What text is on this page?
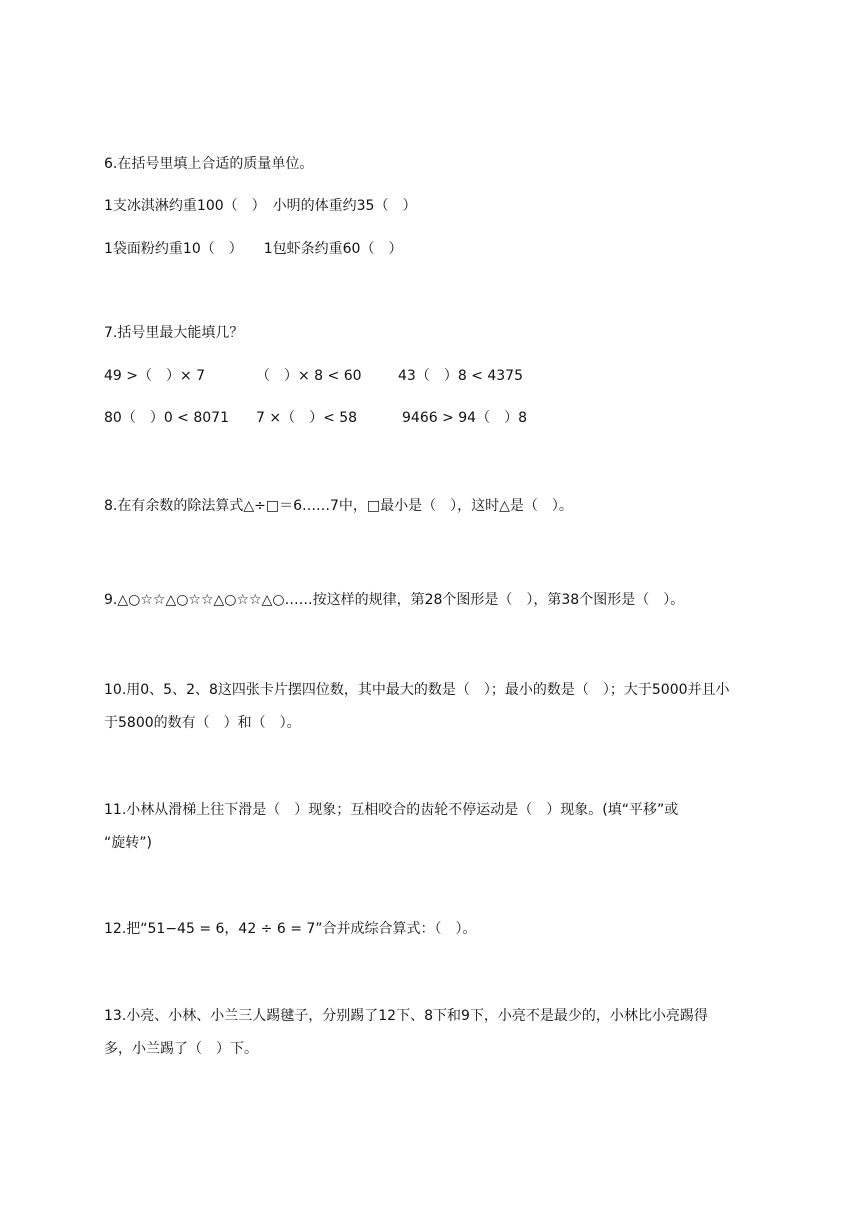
6.在括号里填上合适的质量单位。
1支冰淇淋约重100（　）　小明的体重约35（　）
1袋面粉约重10（　）　　1包虾条约重60（　）
7.括号里最大能填几？
49 >（　）× 7	（　）× 8 < 60	43（　）8 < 4375
80（　）0 < 8071 7 ×（　）< 58	9466 > 94（　）8
8.在有余数的除法算式△÷□＝6……7中，□最小是（　），这时△是（　）。
9.△○☆☆△○☆☆△○☆☆△○……按这样的规律，第28个图形是（　），第38个图形是（　）。
10.用0、5、2、8这四张卡片摆四位数，其中最大的数是（　）；最小的数是（　）；大于5000并且小
于5800的数有（　）和（　）。
11.小林从滑梯上往下滑是（　）现象；互相咬合的齿轮不停运动是（　）现象。(填“平移”或
“旋转”)
12.把“51−45 = 6，42 ÷ 6 = 7”合并成综合算式：（　）。
13.小亮、小林、小兰三人踢毽子，分别踢了12下、8下和9下，小亮不是最少的，小林比小亮踢得
多，小兰踢了（　）下。
